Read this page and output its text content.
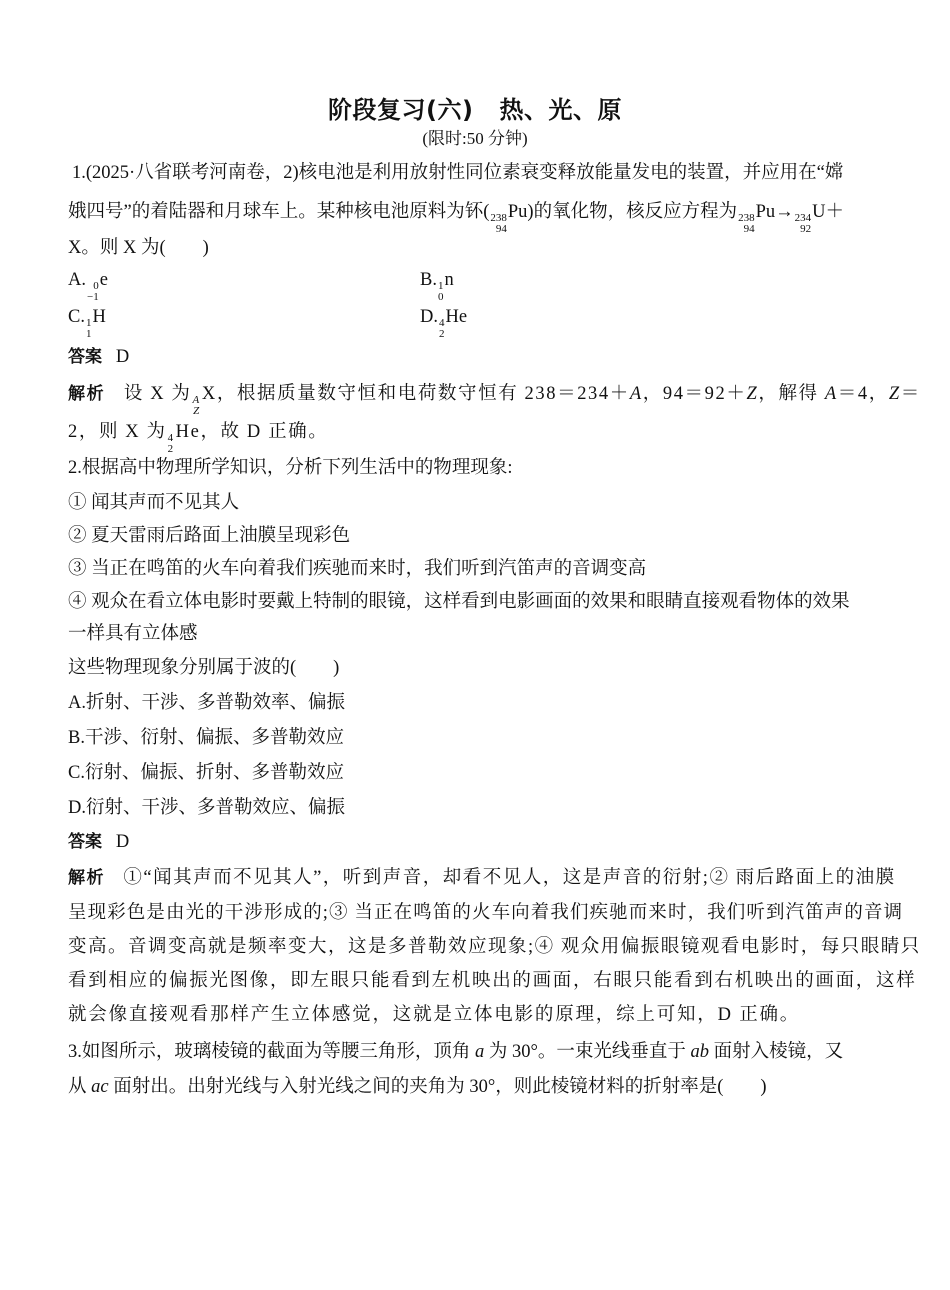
阶段复习(六) 热、光、原
(限时:50 分钟)
1.(2025·八省联考河南卷，2)核电池是利用放射性同位素衰变释放能量发电的装置，并应用在“嫦
娥四号”的着陆器和月球车上。某种核电池原料为钚( 238
94
Pu)的氧化物，核反应方程为 238
94
Pu→ 234
92
U＋
X。则 X 为(　　)
A. 0
−1
e	B. 1
0
n
C. 1
1
H	D. 4
2
He
答案 D
解析 设 X 为 A
Z
X，根据质量数守恒和电荷数守恒有 238＝234＋A，94＝92＋Z，解得 A＝4，Z＝
2，则 X 为 4
2
He，故 D 正确。
2.根据高中物理所学知识，分析下列生活中的物理现象:
① 闻其声而不见其人
② 夏天雷雨后路面上油膜呈现彩色
③ 当正在鸣笛的火车向着我们疾驰而来时，我们听到汽笛声的音调变高
④ 观众在看立体电影时要戴上特制的眼镜，这样看到电影画面的效果和眼睛直接观看物体的效果
一样具有立体感
这些物理现象分别属于波的(　　)
A.折射、干涉、多普勒效率、偏振
B.干涉、衍射、偏振、多普勒效应
C.衍射、偏振、折射、多普勒效应
D.衍射、干涉、多普勒效应、偏振
答案 D
解析 ①“闻其声而不见其人”，听到声音，却看不见人，这是声音的衍射;② 雨后路面上的油膜
呈现彩色是由光的干涉形成的;③ 当正在鸣笛的火车向着我们疾驰而来时，我们听到汽笛声的音调
变高。音调变高就是频率变大，这是多普勒效应现象;④ 观众用偏振眼镜观看电影时，每只眼睛只
看到相应的偏振光图像，即左眼只能看到左机映出的画面，右眼只能看到右机映出的画面，这样
就会像直接观看那样产生立体感觉，这就是立体电影的原理，综上可知，D 正确。
3.如图所示，玻璃棱镜的截面为等腰三角形，顶角 a 为 30°。一束光线垂直于 ab 面射入棱镜，又
从 ac 面射出。出射光线与入射光线之间的夹角为 30°，则此棱镜材料的折射率是(　　)
